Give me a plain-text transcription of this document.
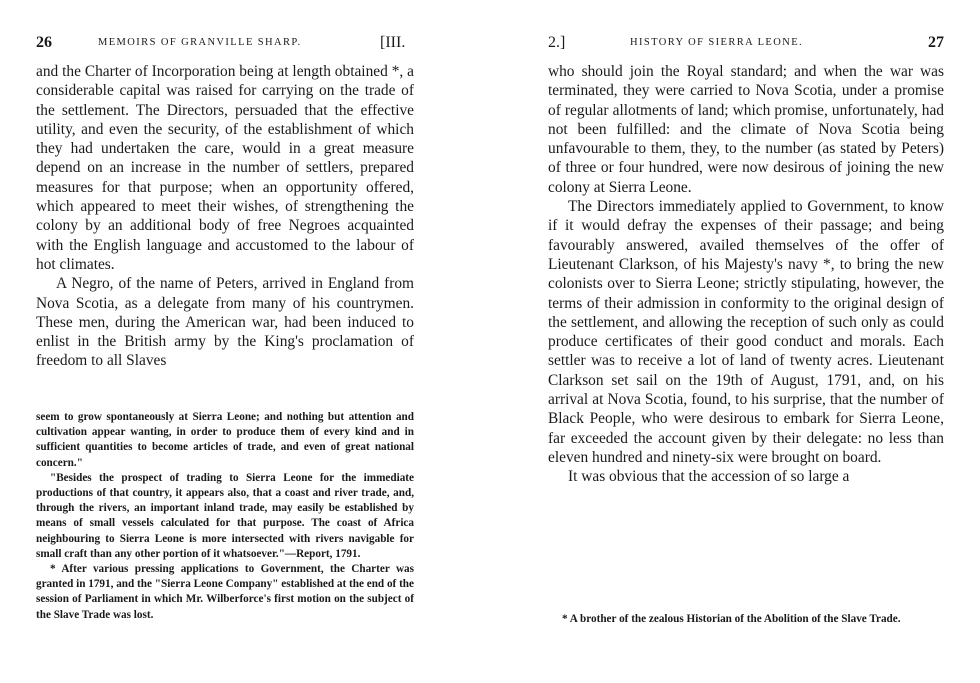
26	MEMOIRS OF GRANVILLE SHARP.	[III.

and the Charter of Incorporation being at length obtained *, a considerable capital was raised for carrying on the trade of the settlement. The Directors, persuaded that the effective utility, and even the security, of the establishment of which they had undertaken the care, would in a great measure depend on an increase in the number of settlers, prepared measures for that purpose; when an opportunity offered, which appeared to meet their wishes, of strengthening the colony by an additional body of free Negroes acquainted with the English language and accustomed to the labour of hot climates.

A Negro, of the name of Peters, arrived in England from Nova Scotia, as a delegate from many of his countrymen. These men, during the American war, had been induced to enlist in the British army by the King's proclamation of freedom to all Slaves

seem to grow spontaneously at Sierra Leone; and nothing but attention and cultivation appear wanting, in order to produce them of every kind and in sufficient quantities to become articles of trade, and even of great national concern."

"Besides the prospect of trading to Sierra Leone for the immediate productions of that country, it appears also, that a coast and river trade, and, through the rivers, an important inland trade, may easily be established by means of small vessels calculated for that purpose. The coast of Africa neighbouring to Sierra Leone is more intersected with rivers navigable for small craft than any other portion of it whatsoever."—Report, 1791.

* After various pressing applications to Government, the Charter was granted in 1791, and the "Sierra Leone Company" established at the end of the session of Parliament in which Mr. Wilberforce's first motion on the subject of the Slave Trade was lost.

2.]	HISTORY OF SIERRA LEONE.	27

who should join the Royal standard; and when the war was terminated, they were carried to Nova Scotia, under a promise of regular allotments of land; which promise, unfortunately, had not been fulfilled: and the climate of Nova Scotia being unfavourable to them, they, to the number (as stated by Peters) of three or four hundred, were now desirous of joining the new colony at Sierra Leone.

The Directors immediately applied to Government, to know if it would defray the expenses of their passage; and being favourably answered, availed themselves of the offer of Lieutenant Clarkson, of his Majesty's navy *, to bring the new colonists over to Sierra Leone; strictly stipulating, however, the terms of their admission in conformity to the original design of the settlement, and allowing the reception of such only as could produce certificates of their good conduct and morals. Each settler was to receive a lot of land of twenty acres. Lieutenant Clarkson set sail on the 19th of August, 1791, and, on his arrival at Nova Scotia, found, to his surprise, that the number of Black People, who were desirous to embark for Sierra Leone, far exceeded the account given by their delegate: no less than eleven hundred and ninety-six were brought on board.

It was obvious that the accession of so large a

* A brother of the zealous Historian of the Abolition of the Slave Trade.
